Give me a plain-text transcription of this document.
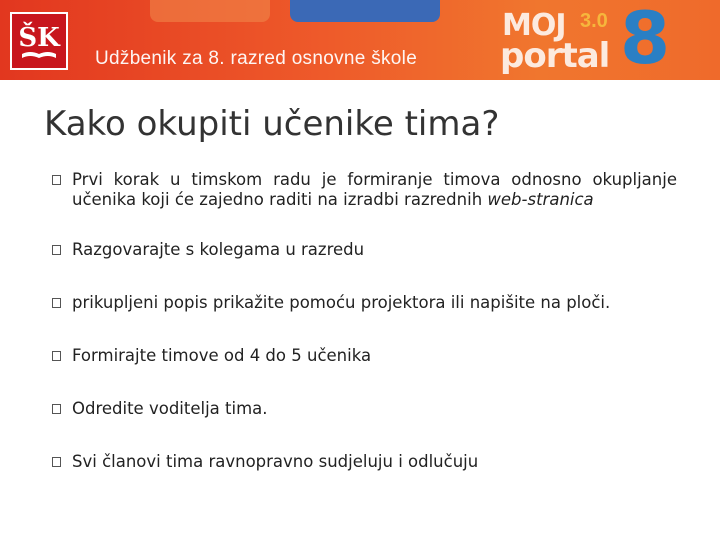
ŠK
Udžbenik za 8. razred osnovne škole
MOJ
portal
3.0 8
Kako okupiti učenike tima?
Prvi korak u timskom radu je formiranje timova odnosno okupljanje učenika koji će zajedno raditi na izradbi razrednih web-stranica
Razgovarajte s kolegama u razredu
prikupljeni popis prikažite pomoću projektora ili napišite na ploči.
Formirajte timove od 4 do 5 učenika
Odredite voditelja tima.
Svi članovi tima ravnopravno sudjeluju i odlučuju
